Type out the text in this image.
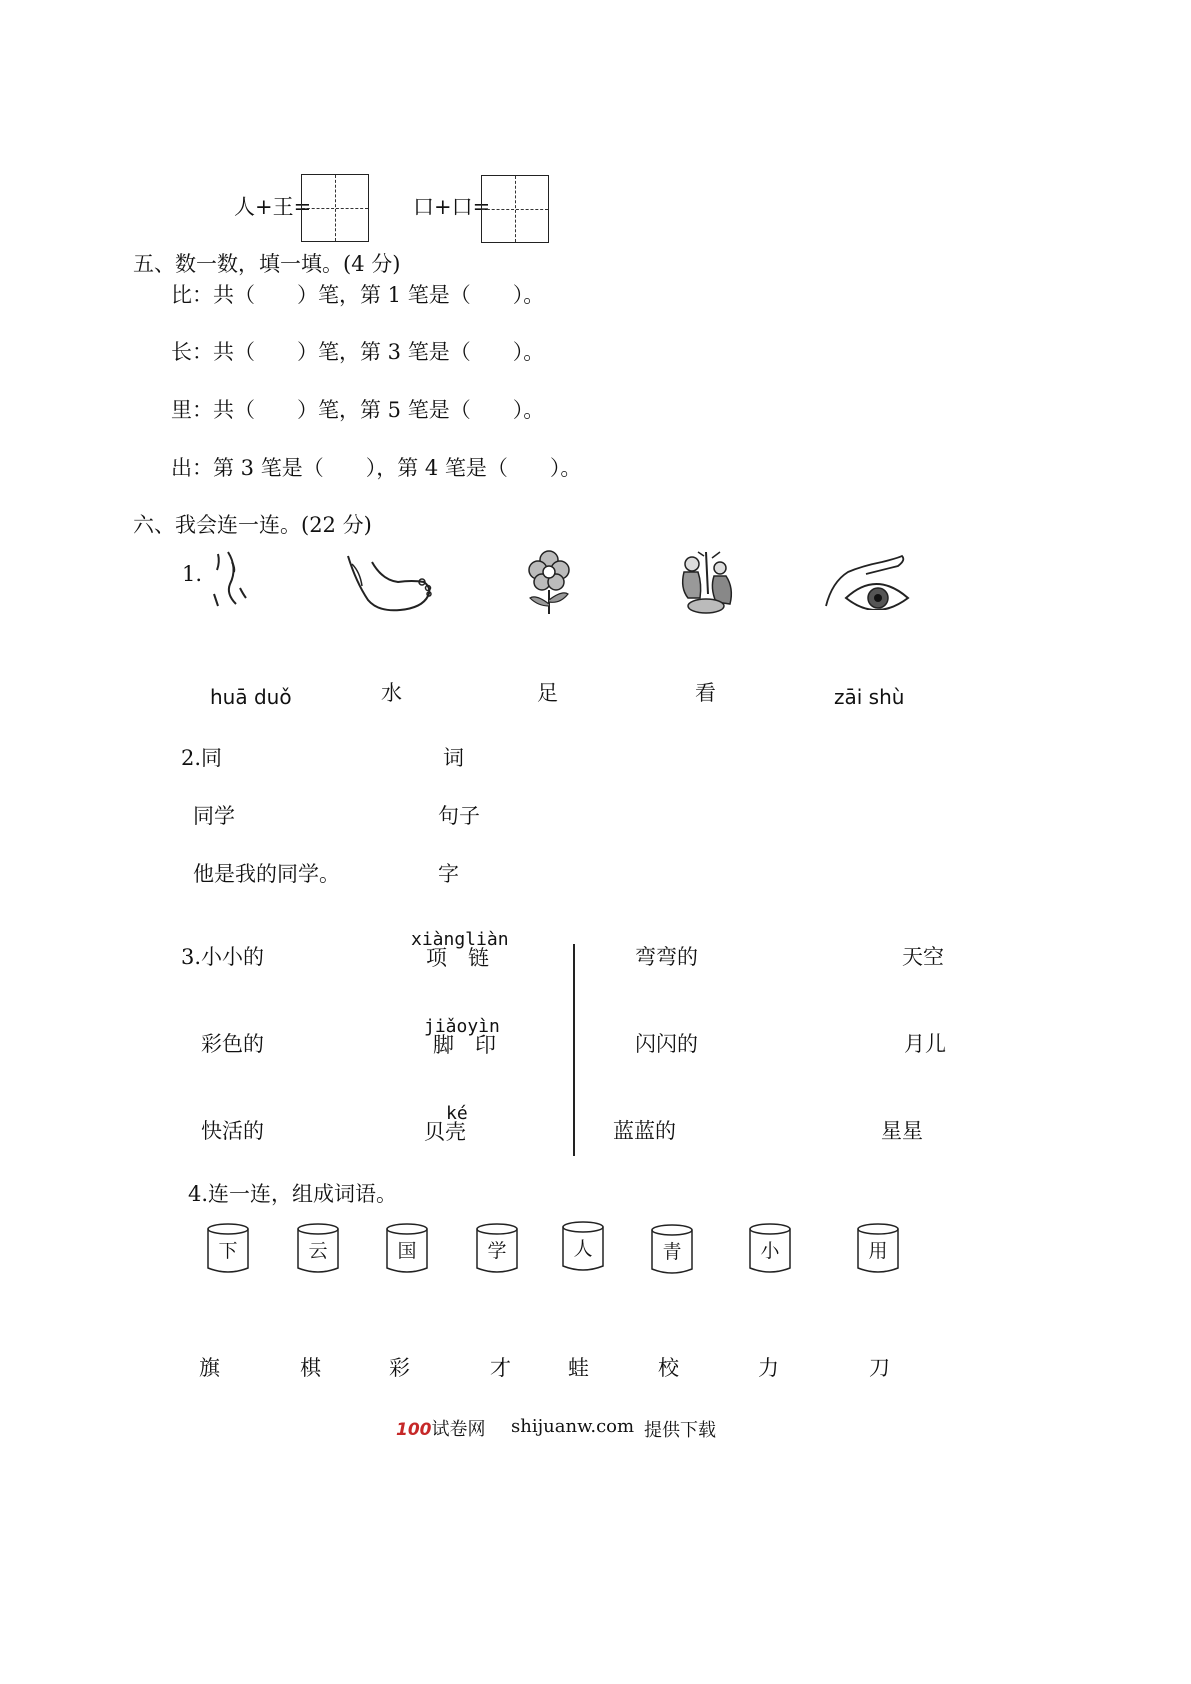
人+王=	口+口=
五、数一数，填一填。(4 分)
比：共（　　）笔，第 1 笔是（　　）。
长：共（　　）笔，第 3 笔是（　　）。
里：共（　　）笔，第 5 笔是（　　）。
出：第 3 笔是（　　），第 4 笔是（　　）。
六、我会连一连。(22 分)
1.
huā duǒ	水	足	看	zāi shù
2.同
同学
他是我的同学。
词
句子
字
3. 小小的
彩色的
快活的
xiàngliàn
项　链
jiǎoyìn
脚　印
ké
贝壳
弯弯的
闪闪的
蓝蓝的
天空
月儿
星星
4.连一连，组成词语。
下	云	国	学	人	青	小	用
旗	棋	彩	才	蛙	校	力	刀
100试卷网 shijuanw.com 提供下载
